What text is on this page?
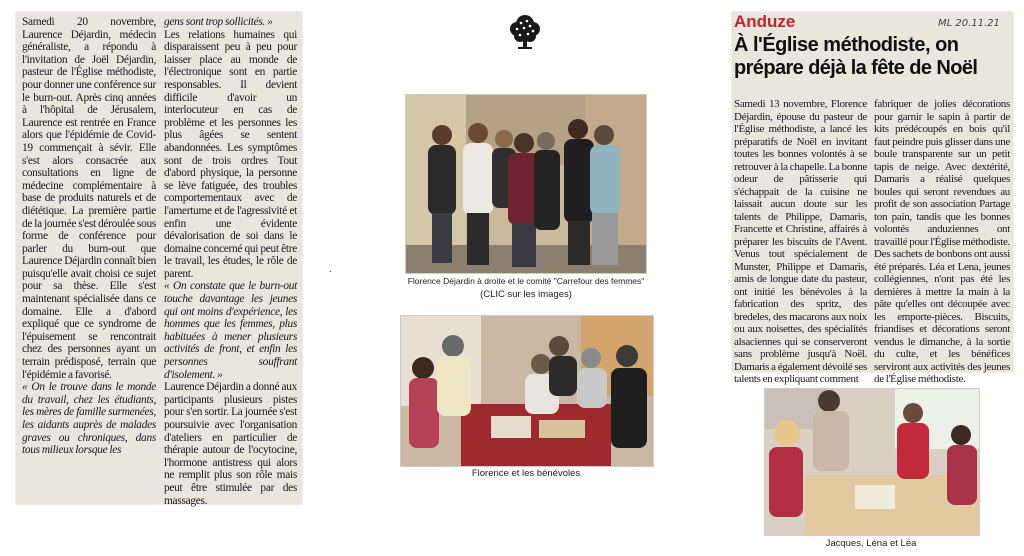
Samedi 20 novembre, Laurence Déjardin, médecin généraliste, a répondu à l'invitation de Joël Déjardin, pasteur de l'Église méthodiste, pour donner une conférence sur le burn-out. Après cinq années à l'hôpital de Jérusalem, Laurence est rentrée en France alors que l'épidémie de Covid-19 commençait à sévir. Elle s'est alors consacrée aux consultations en ligne de médecine complémentaire à base de produits naturels et de diététique. La première partie de la journée s'est déroulée sous forme de conférence pour parler du burn-out que Laurence Déjardin connaît bien puisqu'elle avait choisi ce sujet pour sa thèse. Elle s'est maintenant spécialisée dans ce domaine. Elle a d'abord expliqué que ce syndrome de l'épuisement se rencontrait chez des personnes ayant un terrain prédisposé, terrain que l'épidémie a favorisé.

« On le trouve dans le monde du travail, chez les étudiants, les mères de famille surmenées, les aidants auprès de malades graves ou chroniques, dans tous milieux lorsque les

gens sont trop sollicités. »

Les relations humaines qui disparaissent peu à peu pour laisser place au monde de l'électronique sont en partie responsables. Il devient difficile d'avoir un interlocuteur en cas de problème et les personnes les plus âgées se sentent abandonnées. Les symptômes sont de trois ordres Tout d'abord physique, la personne se lève fatiguée, des troubles comportementaux avec de l'amertume et de l'agressivité et enfin une évidente dévalorisation de soi dans le domaine concerné qui peut être le travail, les études, le rôle de parent.

« On constate que le burn-out touche davantage les jeunes qui ont moins d'expérience, les hommes que les femmes, plus habituées à mener plusieurs activités de front, et enfin les personnes souffrant d'isolement. »

Laurence Déjardin a donné aux participants plusieurs pistes pour s'en sortir. La journée s'est poursuivie avec l'organisation d'ateliers en particulier de thérapie autour de l'ocytocine, l'hormone antistress qui alors ne remplit plus son rôle mais peut être stimulée par des massages.

Florence Déjardin à droite et le comité "Carrefour des femmes"
(CLIC sur les images)
.
Florence et les bénévoles
Anduze	ML 20.11.21
À l'Église méthodiste, on
prépare déjà la fête de Noël

Samedi 13 novembre, Florence Déjardin, épouse du pasteur de l'Église méthodiste, a lancé les préparatifs de Noël en invitant toutes les bonnes volontés à se retrouver à la chapelle. La bonne odeur de pâtisserie qui s'échappait de la cuisine ne laissait aucun doute sur les talents de Philippe, Damaris, Francette et Christine, affairés à préparer les biscuits de l'Avent. Venus tout spécialement de Munster, Philippe et Damaris, amis de longue date du pasteur, ont initié les bénévoles à la fabrication des spritz, des bredeles, des macarons aux noix ou aux noisettes, des spécialités alsaciennes qui se conserveront sans problème jusqu'à Noël. Damaris a également dévoilé ses talents en expliquant comment

fabriquer de jolies décorations pour garnir le sapin à partir de kits prédécoupés en bois qu'il faut peindre puis glisser dans une boule transparente sur un petit tapis de neige. Avec dextérité, Damaris a réalisé quelques boules qui seront revendues au profit de son association Partage ton pain, tandis que les bonnes volontés anduziennes ont travaillé pour l'Église méthodiste. Des sachets de bonbons ont aussi été préparés. Léa et Lena, jeunes collégiennes, n'ont pas été les dernières à mettre la main à la pâte qu'elles ont découpée avec les emporte-pièces. Biscuits, friandises et décorations seront vendus le dimanche, à la sortie du culte, et les bénéfices serviront aux activités des jeunes de l'Église méthodiste.

Jacques, Léna et Léa
